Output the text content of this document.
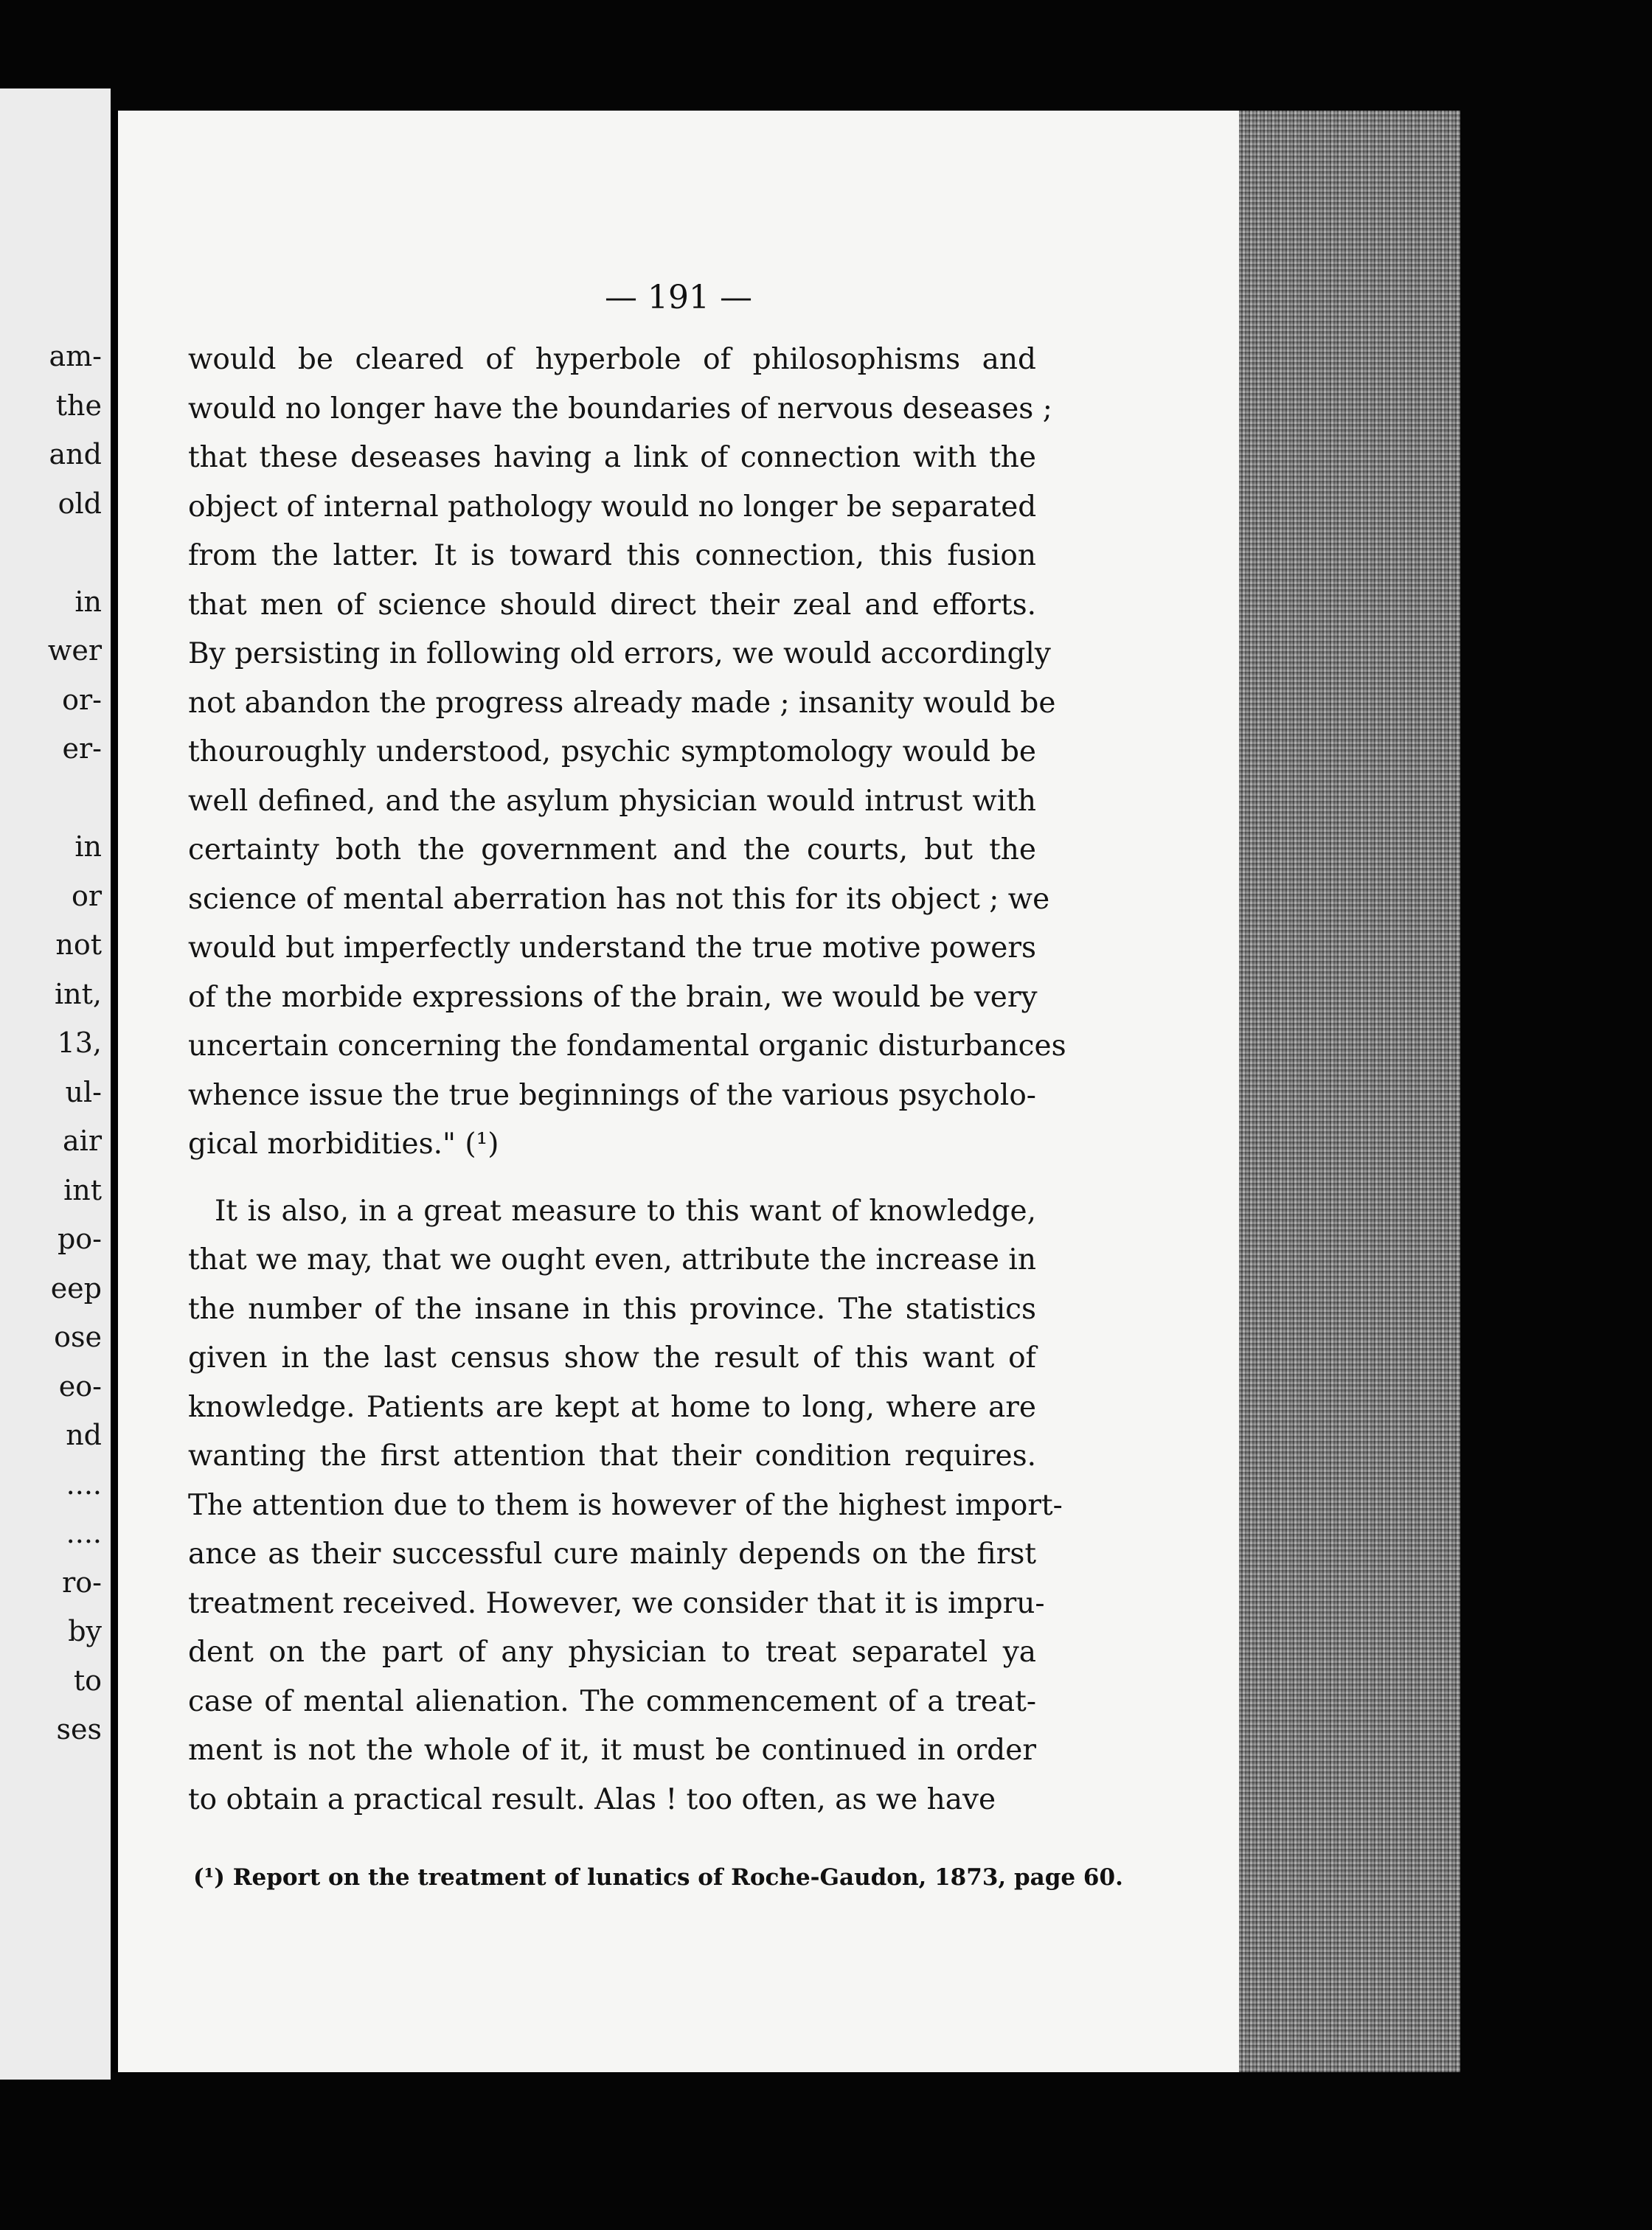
am-
the
and
old

in
wer
or-
er-

in
or
not
int,
13,
ul-
air
int
po-
eep
ose
eo-
nd
....
....
ro-
by
to
ses
— 191 —

would be cleared of hyperbole of philosophisms and
would no longer have the boundaries of nervous deseases ;
that these deseases having a link of connection with the
object of internal pathology would no longer be separated
from the latter. It is toward this connection, this fusion
that men of science should direct their zeal and efforts.
By persisting in following old errors, we would accordingly
not abandon the progress already made ; insanity would be
thouroughly understood, psychic symptomology would be
well defined, and the asylum physician would intrust with
certainty both the government and the courts, but the
science of mental aberration has not this for its object ; we
would but imperfectly understand the true motive powers
of the morbide expressions of the brain, we would be very
uncertain concerning the fondamental organic disturbances
whence issue the true beginnings of the various psycholo-
gical morbidities." (¹)

It is also, in a great measure to this want of knowledge,
that we may, that we ought even, attribute the increase in
the number of the insane in this province. The statistics
given in the last census show the result of this want of
knowledge. Patients are kept at home to long, where are
wanting the first attention that their condition requires.
The attention due to them is however of the highest import-
ance as their successful cure mainly depends on the first
treatment received. However, we consider that it is impru-
dent on the part of any physician to treat separatel ya
case of mental alienation. The commencement of a treat-
ment is not the whole of it, it must be continued in order
to obtain a practical result. Alas ! too often, as we have

(¹) Report on the treatment of lunatics of Roche-Gaudon, 1873, page 60.
